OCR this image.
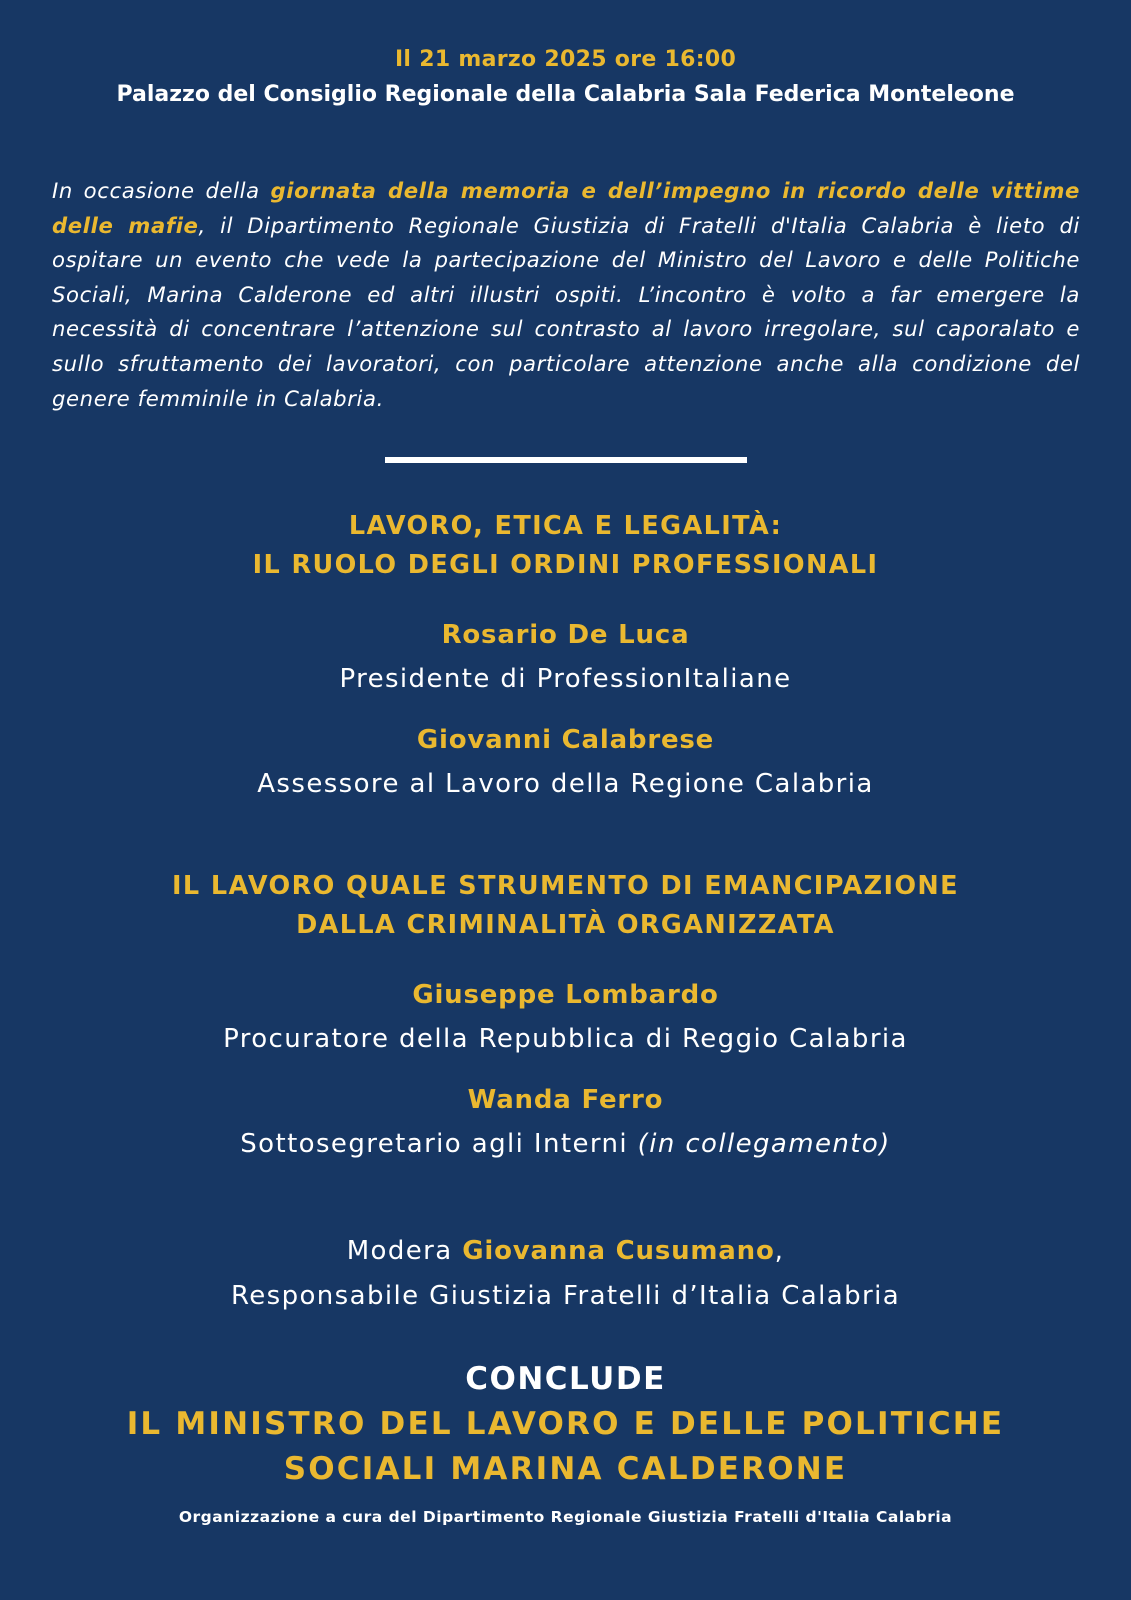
Il 21 marzo 2025 ore 16:00
Palazzo del Consiglio Regionale della Calabria Sala Federica Monteleone

In occasione della giornata della memoria e dell’impegno in ricordo delle vittime delle mafie, il Dipartimento Regionale Giustizia di Fratelli d'Italia Calabria è lieto di ospitare un evento che vede la partecipazione del Ministro del Lavoro e delle Politiche Sociali, Marina Calderone ed altri illustri ospiti. L’incontro è volto a far emergere la necessità di concentrare l’attenzione sul contrasto al lavoro irregolare, sul caporalato e sullo sfruttamento dei lavoratori, con particolare attenzione anche alla condizione del genere femminile in Calabria.

LAVORO, ETICA E LEGALITÀ:
IL RUOLO DEGLI ORDINI PROFESSIONALI
Rosario De Luca
Presidente di ProfessionItaliane
Giovanni Calabrese
Assessore al Lavoro della Regione Calabria
IL LAVORO QUALE STRUMENTO DI EMANCIPAZIONE
DALLA CRIMINALITÀ ORGANIZZATA
Giuseppe Lombardo
Procuratore della Repubblica di Reggio Calabria
Wanda Ferro
Sottosegretario agli Interni (in collegamento)
Modera Giovanna Cusumano,
Responsabile Giustizia Fratelli d’Italia Calabria
CONCLUDE
IL MINISTRO DEL LAVORO E DELLE POLITICHE
SOCIALI MARINA CALDERONE
Organizzazione a cura del Dipartimento Regionale Giustizia Fratelli d'Italia Calabria
